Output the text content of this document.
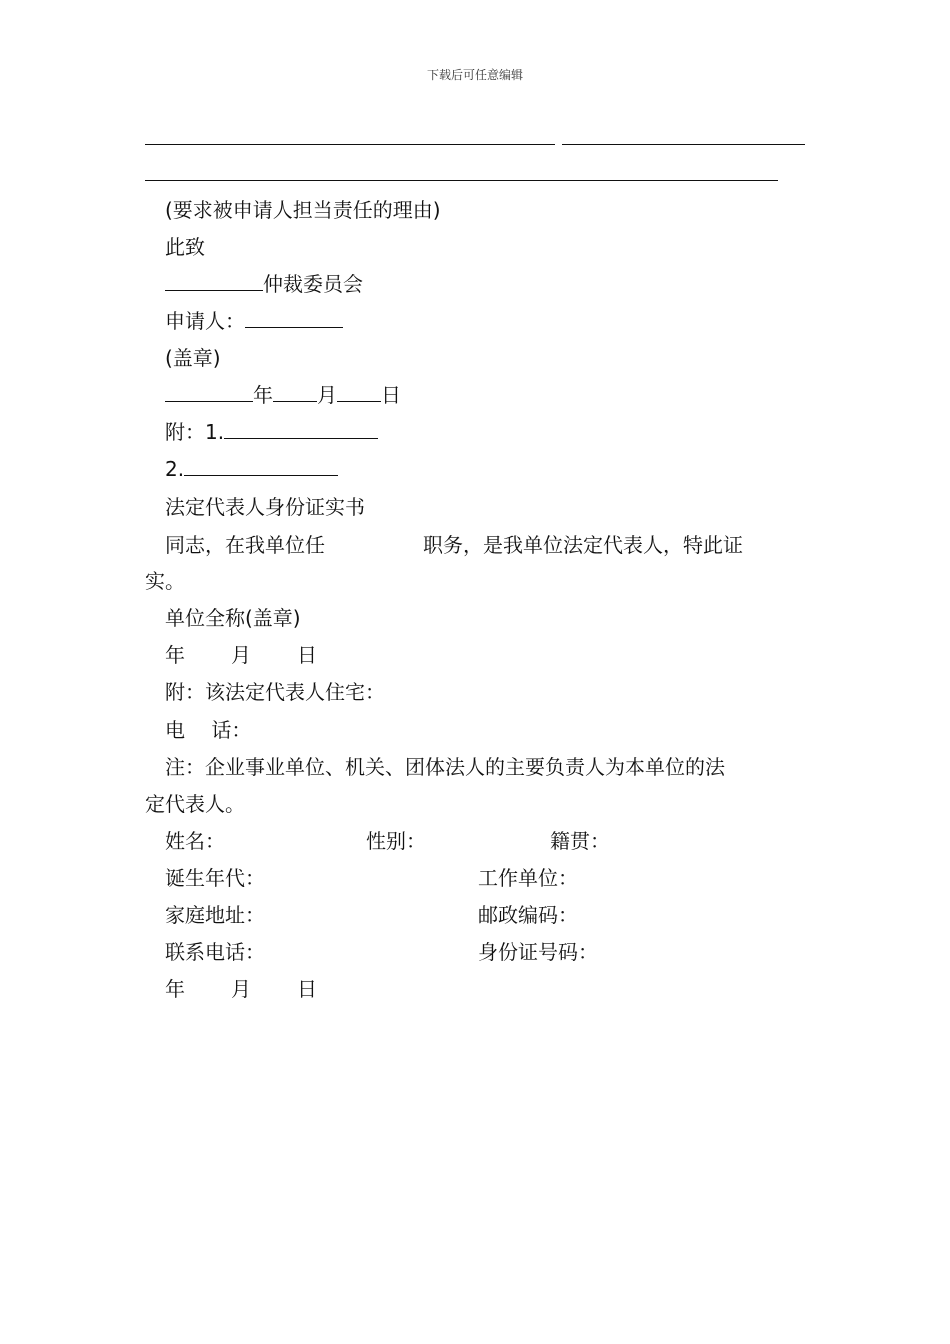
下载后可任意编辑
(要求被申请人担当责任的理由)
此致
仲裁委员会
申请人：
(盖章)
年 月 日
附：1.
2.
法定代表人身份证实书
同志，在我单位任	职务，是我单位法定代表人，特此证
实。
单位全称(盖章)
年 月 日
附：该法定代表人住宅：
电　 话：
注：企业事业单位、机关、团体法人的主要负责人为本单位的法
定代表人。
姓名：	性别：	籍贯：
诞生年代：	工作单位：
家庭地址：	邮政编码：
联系电话：	身份证号码：
年 月 日
